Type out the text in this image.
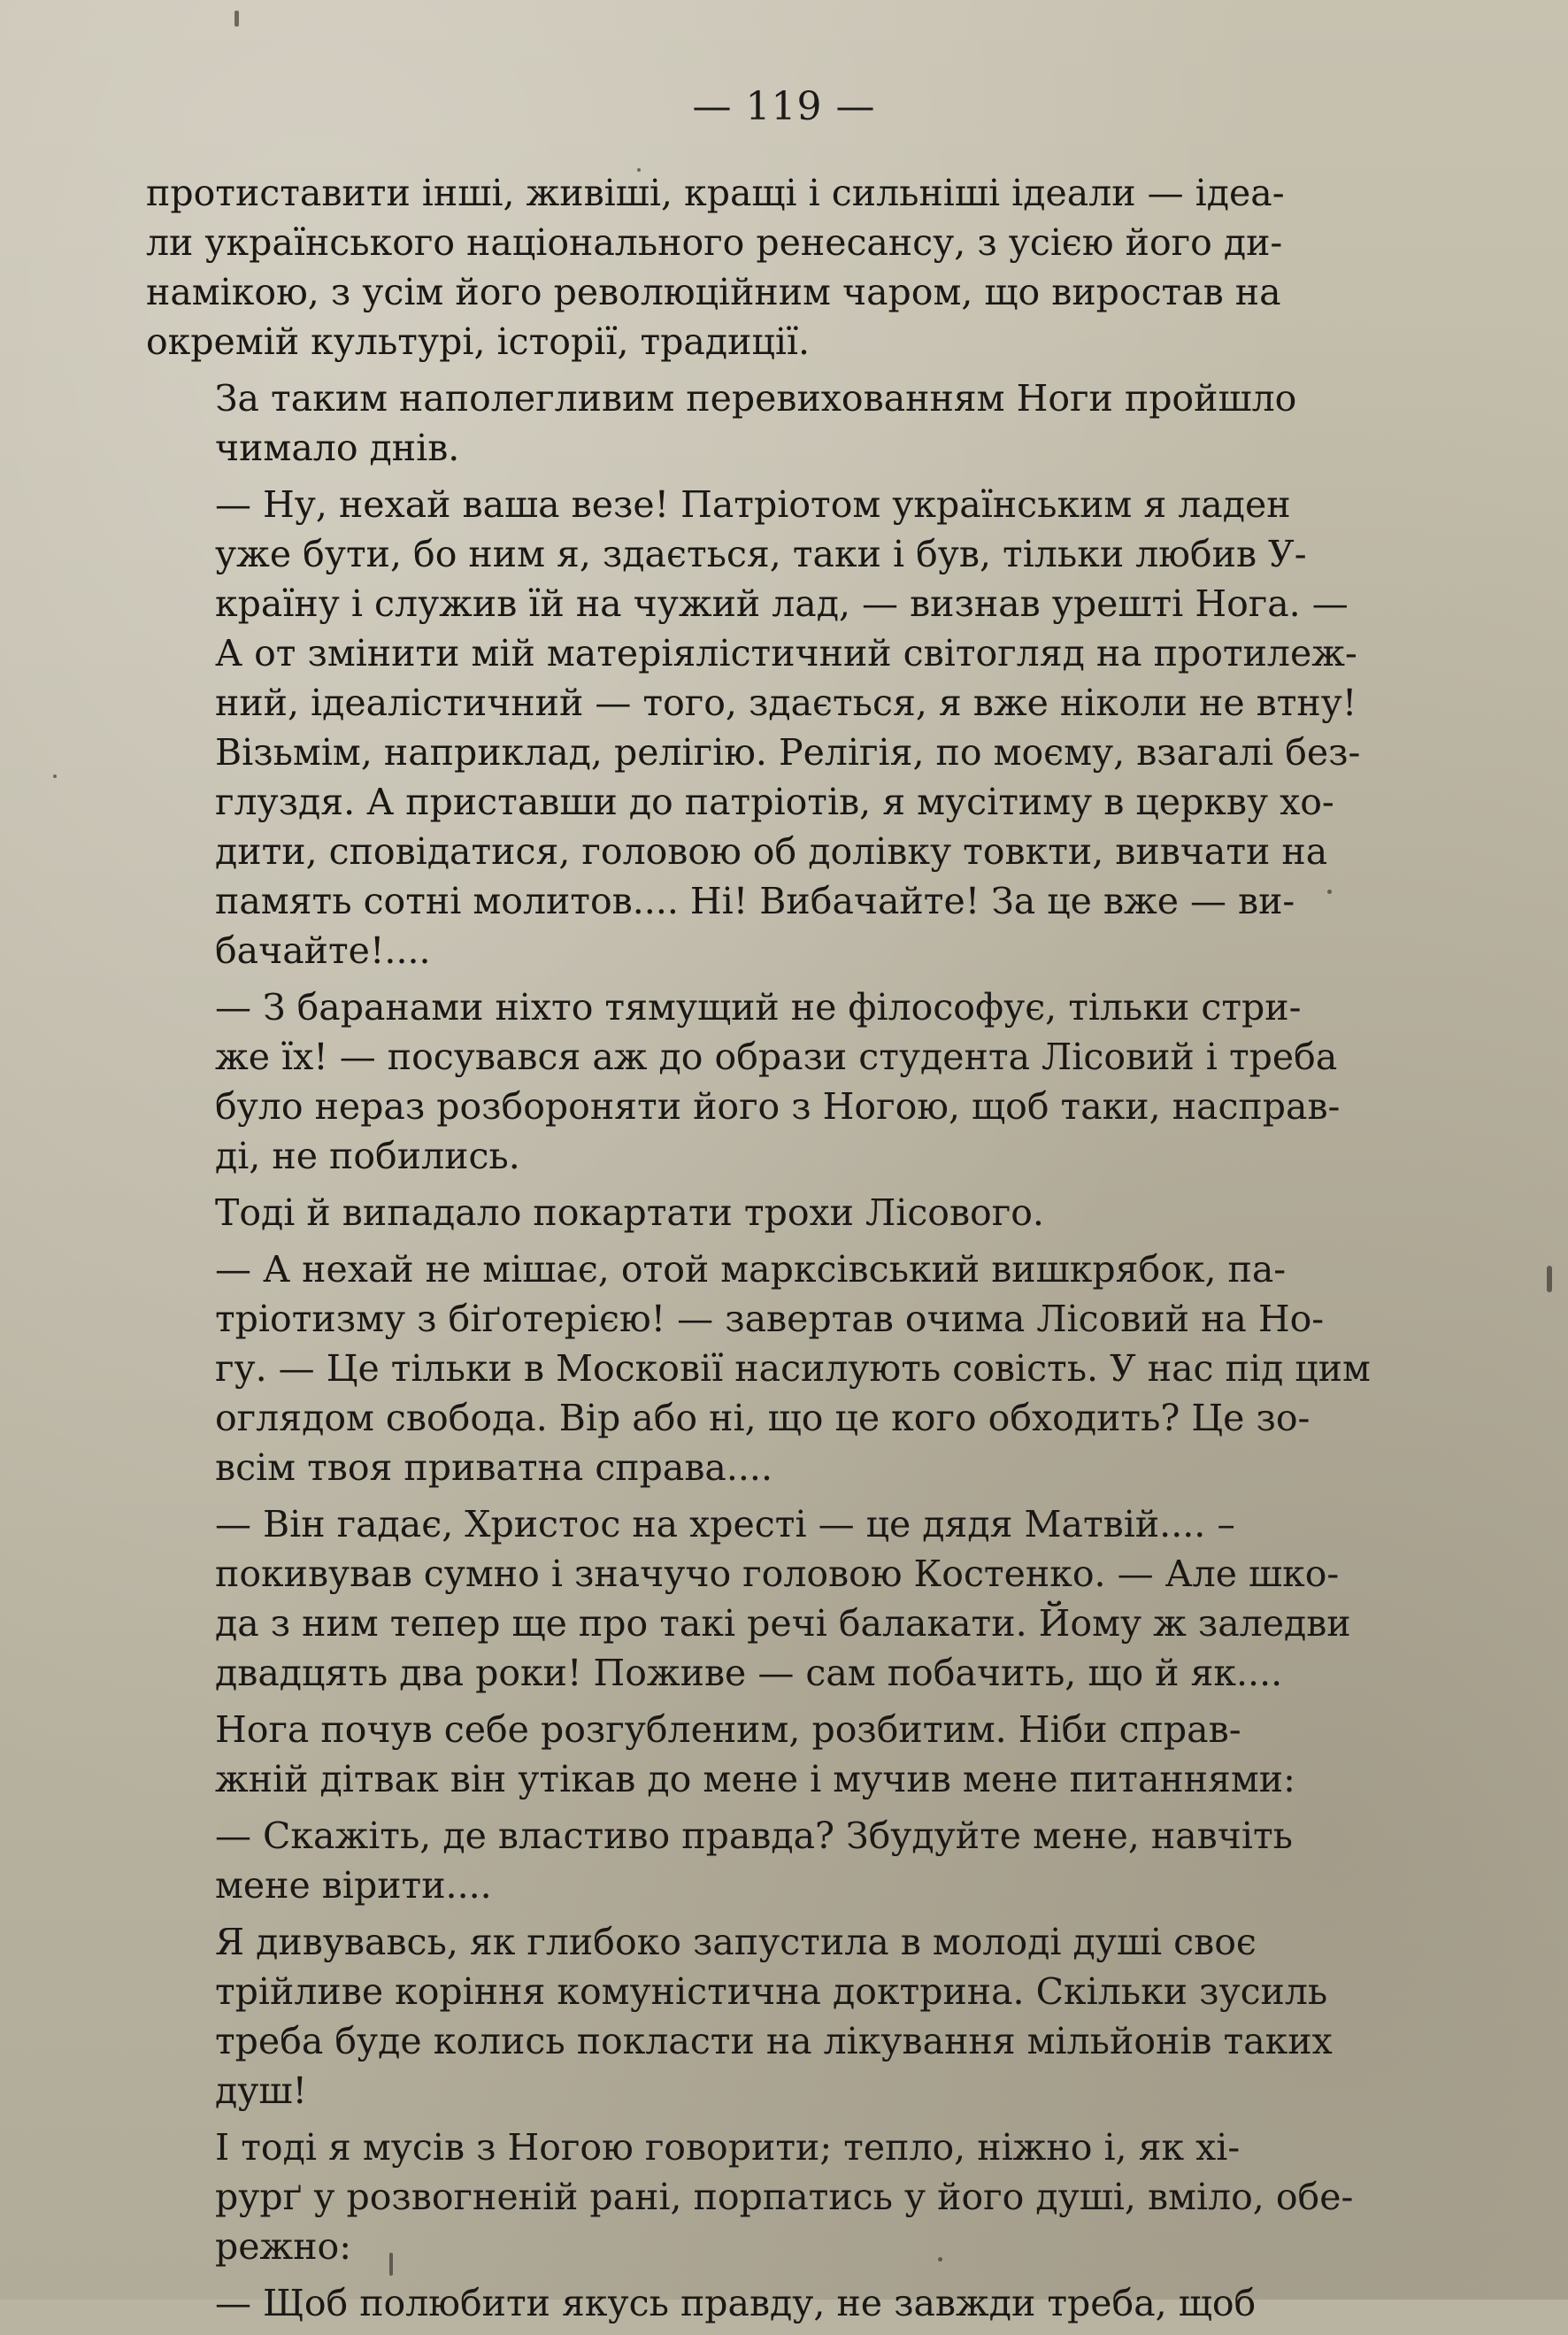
— 119 —
протиставити інші, живіші, кращі і сильніші ідеали — ідеа-
ли українського національного ренесансу, з усією його ди-
намікою, з усім його революційним чаром, що виростав на
окремій культурі, історії, традиції.
За таким наполегливим перевихованням Ноги пройшло
чимало днів.
— Ну, нехай ваша везе! Патріотом українським я ладен
уже бути, бо ним я, здається, таки і був, тільки любив У-
країну і служив їй на чужий лад, — визнав урешті Нога. —
А от змінити мій матеріялістичний світогляд на протилеж-
ний, ідеалістичний — того, здається, я вже ніколи не втну!
Візьмім, наприклад, релігію. Релігія, по моєму, взагалі без-
глуздя. А приставши до патріотів, я мусітиму в церкву хо-
дити, сповідатися, головою об долівку товкти, вивчати на
память сотні молитов.... Ні! Вибачайте! За це вже — ви-
бачайте!....
— З баранами ніхто тямущий не філософує, тільки стри-
же їх! — посувався аж до образи студента Лісовий і треба
було нераз розбороняти його з Ногою, щоб таки, насправ-
ді, не побились.
Тоді й випадало покартати трохи Лісового.
— А нехай не мішає, отой марксівський вишкрябок, па-
тріотизму з біґотерією! — завертав очима Лісовий на Но-
гу. — Це тільки в Московії насилують совість. У нас під цим
оглядом свобода. Вір або ні, що це кого обходить? Це зо-
всім твоя приватна справа....
— Він гадає, Христос на хресті — це дядя Матвій.... –
покивував сумно і значучо головою Костенко. — Але шко-
да з ним тепер ще про такі речі балакати. Йому ж заледви
двадцять два роки! Поживе — сам побачить, що й як....
Нога почув себе розгубленим, розбитим. Ніби справ-
жній дітвак він утікав до мене і мучив мене питаннями:
— Скажіть, де властиво правда? Збудуйте мене, навчіть
мене вірити....
Я дивувавсь, як глибоко запустила в молоді душі своє
трійливе коріння комуністична доктрина. Скільки зусиль
треба буде колись покласти на лікування мільйонів таких
душ!
І тоді я мусів з Ногою говорити; тепло, ніжно і, як хі-
рурґ у розвогненій рані, порпатись у його душі, вміло, обе-
режно:
— Щоб полюбити якусь правду, не завжди треба, щоб
